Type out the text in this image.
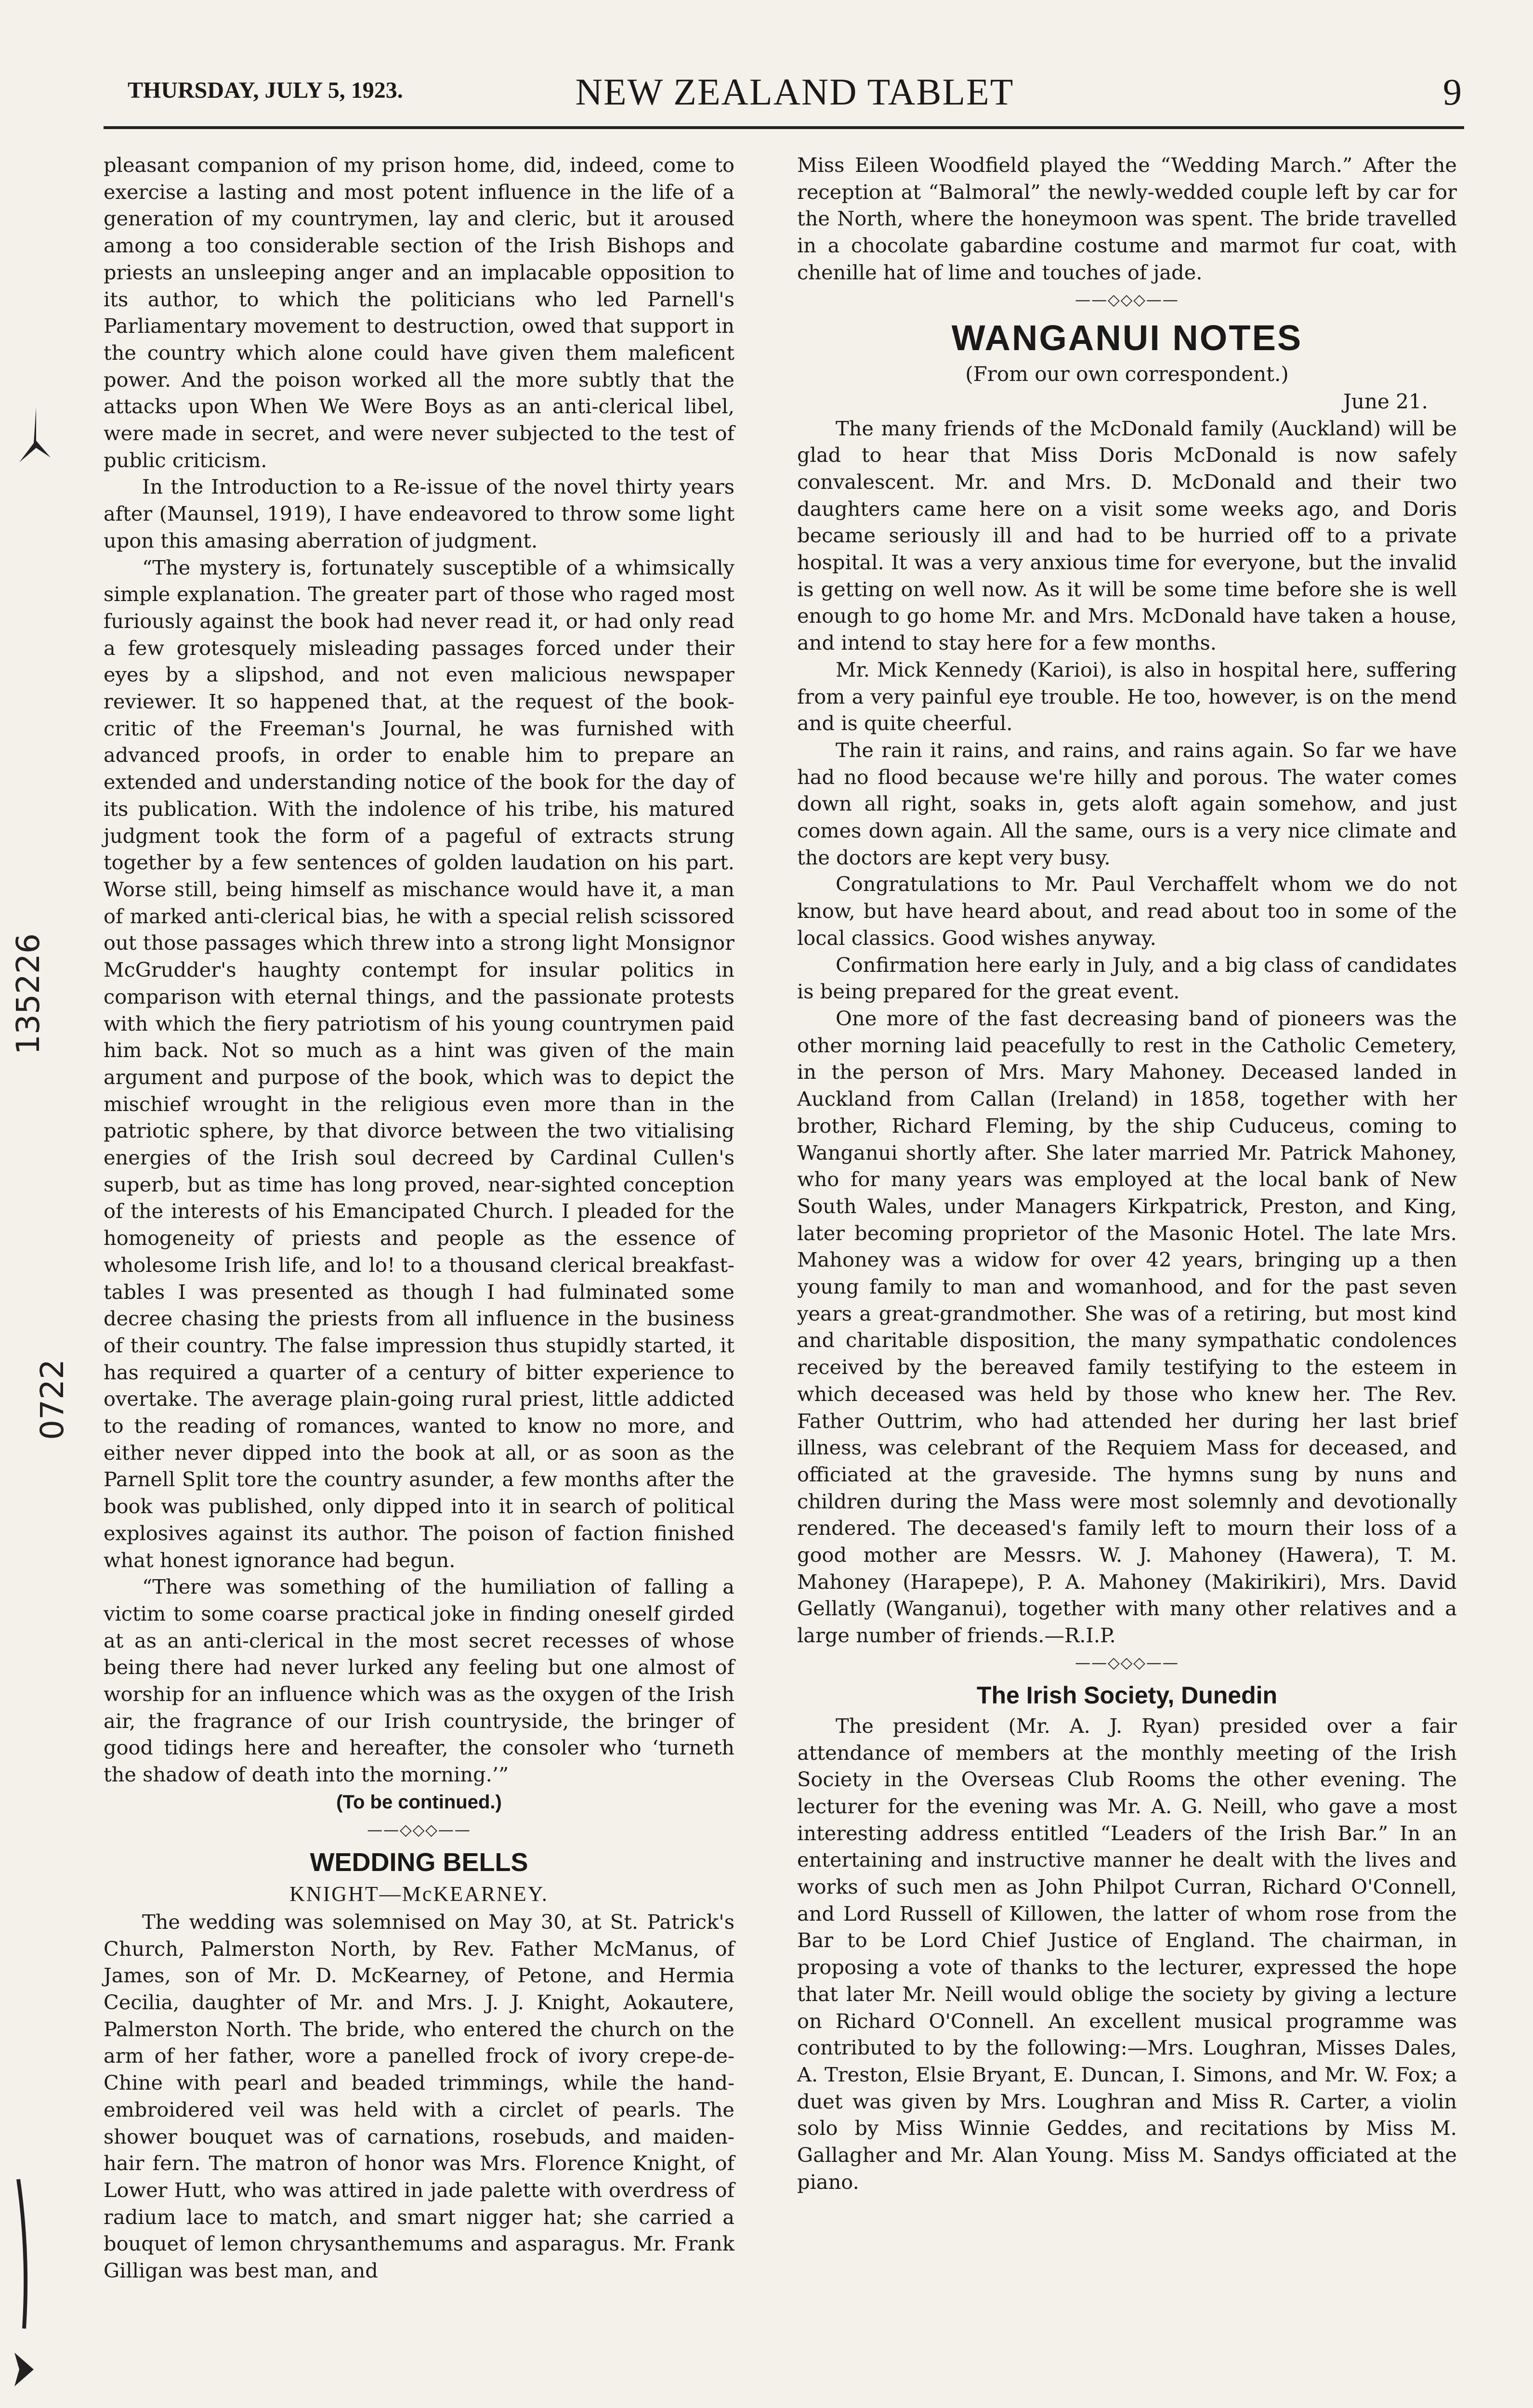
THURSDAY, JULY 5, 1923.	NEW ZEALAND TABLET	9
135226
0722

pleasant companion of my prison home, did, indeed, come to exercise a lasting and most potent influence in the life of a generation of my countrymen, lay and cleric, but it aroused among a too considerable section of the Irish Bishops and priests an unsleeping anger and an implacable opposition to its author, to which the politicians who led Parnell's Parliamentary movement to destruction, owed that support in the country which alone could have given them maleficent power. And the poison worked all the more subtly that the attacks upon When We Were Boys as an anti-clerical libel, were made in secret, and were never subjected to the test of public criticism.

In the Introduction to a Re-issue of the novel thirty years after (Maunsel, 1919), I have endeavored to throw some light upon this amasing aberration of judgment.

“The mystery is, fortunately susceptible of a whimsically simple explanation. The greater part of those who raged most furiously against the book had never read it, or had only read a few grotesquely misleading passages forced under their eyes by a slipshod, and not even malicious newspaper reviewer. It so happened that, at the request of the book-critic of the Freeman's Journal, he was furnished with advanced proofs, in order to enable him to prepare an extended and understanding notice of the book for the day of its publication. With the indolence of his tribe, his matured judgment took the form of a pageful of extracts strung together by a few sentences of golden laudation on his part. Worse still, being himself as mischance would have it, a man of marked anti-clerical bias, he with a special relish scissored out those passages which threw into a strong light Monsignor McGrudder's haughty contempt for insular politics in comparison with eternal things, and the passionate protests with which the fiery patriotism of his young countrymen paid him back. Not so much as a hint was given of the main argument and purpose of the book, which was to depict the mischief wrought in the religious even more than in the patriotic sphere, by that divorce between the two vitialising energies of the Irish soul decreed by Cardinal Cullen's superb, but as time has long proved, near-sighted conception of the interests of his Emancipated Church. I pleaded for the homogeneity of priests and people as the essence of wholesome Irish life, and lo! to a thousand clerical breakfast-tables I was presented as though I had fulminated some decree chasing the priests from all influence in the business of their country. The false impression thus stupidly started, it has required a quarter of a century of bitter experience to overtake. The average plain-going rural priest, little addicted to the reading of romances, wanted to know no more, and either never dipped into the book at all, or as soon as the Parnell Split tore the country asunder, a few months after the book was published, only dipped into it in search of political explosives against its author. The poison of faction finished what honest ignorance had begun.

“There was something of the humiliation of falling a victim to some coarse practical joke in finding oneself girded at as an anti-clerical in the most secret recesses of whose being there had never lurked any feeling but one almost of worship for an influence which was as the oxygen of the Irish air, the fragrance of our Irish countryside, the bringer of good tidings here and hereafter, the consoler who ‘turneth the shadow of death into the morning.’”

(To be continued.)

——◇◇◇——

WEDDING BELLS

KNIGHT—McKEARNEY.

The wedding was solemnised on May 30, at St. Patrick's Church, Palmerston North, by Rev. Father McManus, of James, son of Mr. D. McKearney, of Petone, and Hermia Cecilia, daughter of Mr. and Mrs. J. J. Knight, Aokautere, Palmerston North. The bride, who entered the church on the arm of her father, wore a panelled frock of ivory crepe-de-Chine with pearl and beaded trimmings, while the hand-embroidered veil was held with a circlet of pearls. The shower bouquet was of carnations, rosebuds, and maiden-hair fern. The matron of honor was Mrs. Florence Knight, of Lower Hutt, who was attired in jade palette with overdress of radium lace to match, and smart nigger hat; she carried a bouquet of lemon chrysanthemums and asparagus. Mr. Frank Gilligan was best man, and

Miss Eileen Woodfield played the “Wedding March.” After the reception at “Balmoral” the newly-wedded couple left by car for the North, where the honeymoon was spent. The bride travelled in a chocolate gabardine costume and marmot fur coat, with chenille hat of lime and touches of jade.

——◇◇◇——

WANGANUI NOTES

(From our own correspondent.)

June 21.

The many friends of the McDonald family (Auckland) will be glad to hear that Miss Doris McDonald is now safely convalescent. Mr. and Mrs. D. McDonald and their two daughters came here on a visit some weeks ago, and Doris became seriously ill and had to be hurried off to a private hospital. It was a very anxious time for everyone, but the invalid is getting on well now. As it will be some time before she is well enough to go home Mr. and Mrs. McDonald have taken a house, and intend to stay here for a few months.

Mr. Mick Kennedy (Karioi), is also in hospital here, suffering from a very painful eye trouble. He too, however, is on the mend and is quite cheerful.

The rain it rains, and rains, and rains again. So far we have had no flood because we're hilly and porous. The water comes down all right, soaks in, gets aloft again somehow, and just comes down again. All the same, ours is a very nice climate and the doctors are kept very busy.

Congratulations to Mr. Paul Verchaffelt whom we do not know, but have heard about, and read about too in some of the local classics. Good wishes anyway.

Confirmation here early in July, and a big class of candidates is being prepared for the great event.

One more of the fast decreasing band of pioneers was the other morning laid peacefully to rest in the Catholic Cemetery, in the person of Mrs. Mary Mahoney. Deceased landed in Auckland from Callan (Ireland) in 1858, together with her brother, Richard Fleming, by the ship Cuduceus, coming to Wanganui shortly after. She later married Mr. Patrick Mahoney, who for many years was employed at the local bank of New South Wales, under Managers Kirkpatrick, Preston, and King, later becoming proprietor of the Masonic Hotel. The late Mrs. Mahoney was a widow for over 42 years, bringing up a then young family to man and womanhood, and for the past seven years a great-grandmother. She was of a retiring, but most kind and charitable disposition, the many sympathatic condolences received by the bereaved family testifying to the esteem in which deceased was held by those who knew her. The Rev. Father Outtrim, who had attended her during her last brief illness, was celebrant of the Requiem Mass for deceased, and officiated at the graveside. The hymns sung by nuns and children during the Mass were most solemnly and devotionally rendered. The deceased's family left to mourn their loss of a good mother are Messrs. W. J. Mahoney (Hawera), T. M. Mahoney (Harapepe), P. A. Mahoney (Makirikiri), Mrs. David Gellatly (Wanganui), together with many other relatives and a large number of friends.—R.I.P.

——◇◇◇——

The Irish Society, Dunedin

The president (Mr. A. J. Ryan) presided over a fair attendance of members at the monthly meeting of the Irish Society in the Overseas Club Rooms the other evening. The lecturer for the evening was Mr. A. G. Neill, who gave a most interesting address entitled “Leaders of the Irish Bar.” In an entertaining and instructive manner he dealt with the lives and works of such men as John Philpot Curran, Richard O'Connell, and Lord Russell of Killowen, the latter of whom rose from the Bar to be Lord Chief Justice of England. The chairman, in proposing a vote of thanks to the lecturer, expressed the hope that later Mr. Neill would oblige the society by giving a lecture on Richard O'Connell. An excellent musical programme was contributed to by the following:—Mrs. Loughran, Misses Dales, A. Treston, Elsie Bryant, E. Duncan, I. Simons, and Mr. W. Fox; a duet was given by Mrs. Loughran and Miss R. Carter, a violin solo by Miss Winnie Geddes, and recitations by Miss M. Gallagher and Mr. Alan Young. Miss M. Sandys officiated at the piano.
